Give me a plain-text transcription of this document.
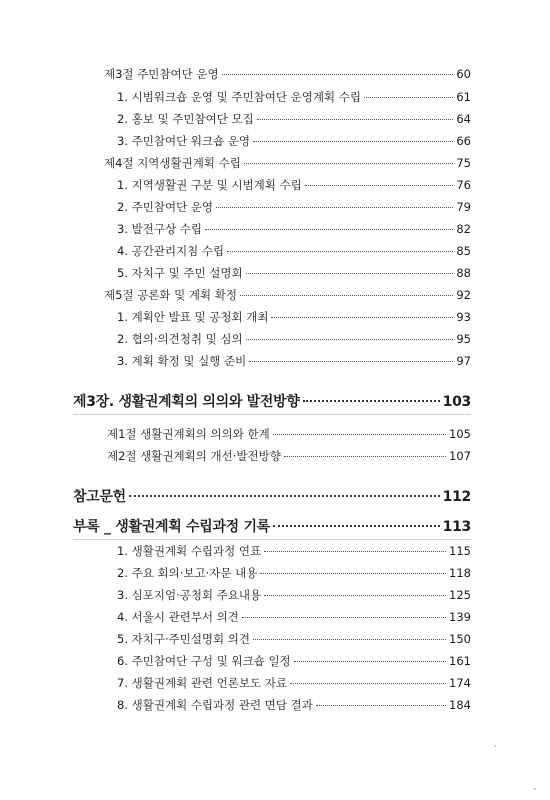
제3절 주민참여단 운영	60
1. 시범워크숍 운영 및 주민참여단 운영계획 수립	61
2. 홍보 및 주민참여단 모집	64
3. 주민참여단 워크숍 운영	66
제4절 지역생활권계획 수립	75
1. 지역생활권 구분 및 시범계획 수립	76
2. 주민참여단 운영	79
3. 발전구상 수립	82
4. 공간관리지침 수립	85
5. 자치구 및 주민 설명회	88
제5절 공론화 및 계획 확정	92
1. 계획안 발표 및 공청회 개최	93
2. 협의·의견청취 및 심의	95
3. 계획 확정 및 실행 준비	97
제3장. 생활권계획의 의의와 발전방향	103
제1절 생활권계획의 의의와 한계	105
제2절 생활권계획의 개선·발전방향	107
참고문헌	112
부록 _ 생활권계획 수립과정 기록	113
1. 생활권계획 수립과정 연표	115
2. 주요 회의·보고·자문 내용	118
3. 심포지엄·공청회 주요내용	125
4. 서울시 관련부서 의견	139
5. 자치구·주민설명회 의견	150
6. 주민참여단 구성 및 워크숍 일정	161
7. 생활권계획 관련 언론보도 자료	174
8. 생활권계획 수립과정 관련 면담 결과	184
